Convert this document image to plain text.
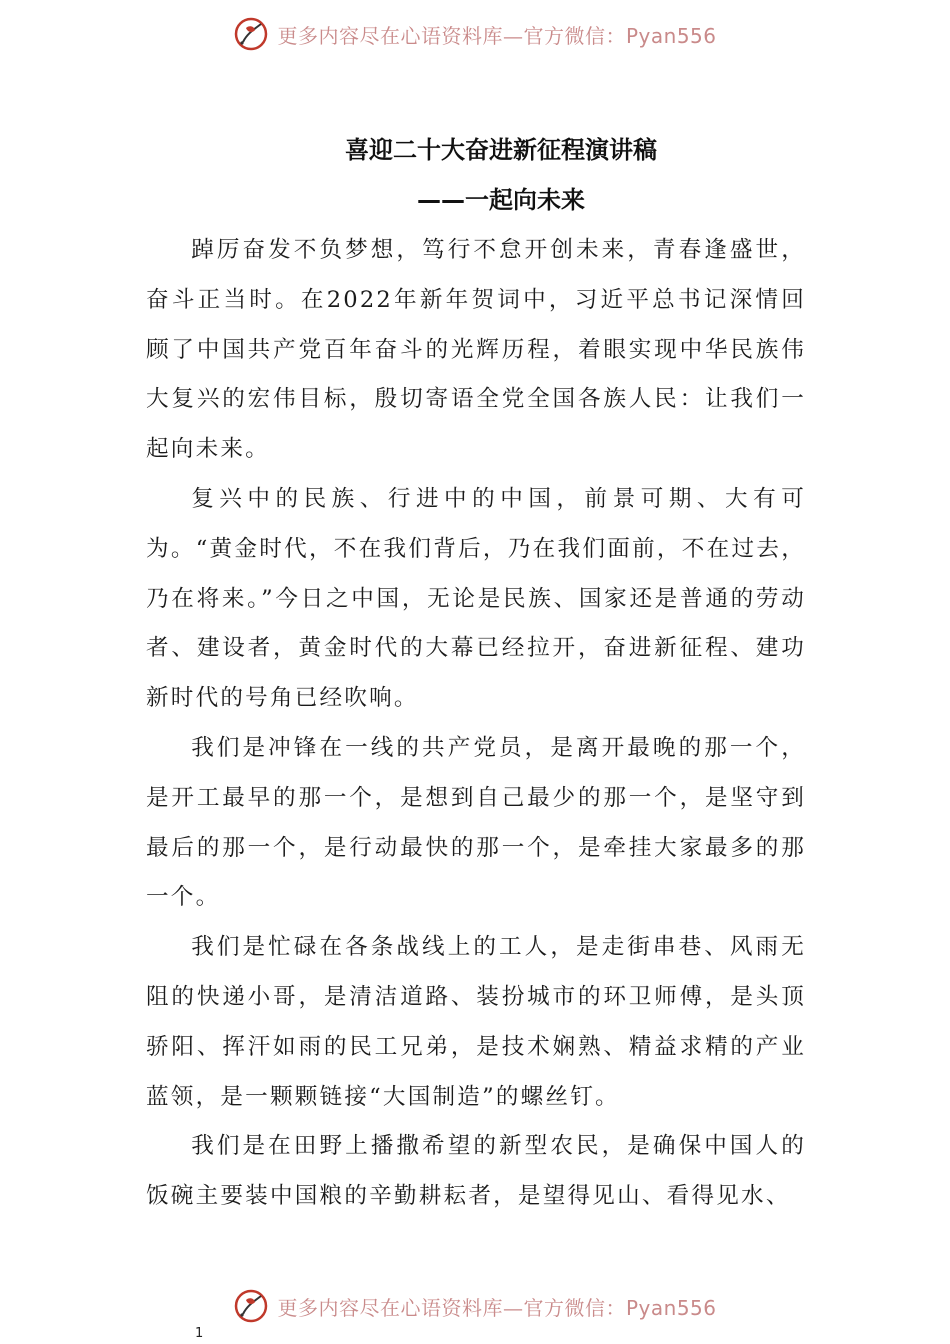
更多内容尽在心语资料库—官方微信：Pyan556
喜迎二十大奋进新征程演讲稿
——一起向未来

踔厉奋发不负梦想，笃行不怠开创未来，青春逢盛世，奋斗正当时。在2022年新年贺词中，习近平总书记深情回顾了中国共产党百年奋斗的光辉历程，着眼实现中华民族伟大复兴的宏伟目标，殷切寄语全党全国各族人民：让我们一起向未来。

复兴中的民族、行进中的中国，前景可期、大有可为。“黄金时代，不在我们背后，乃在我们面前，不在过去，乃在将来。”今日之中国，无论是民族、国家还是普通的劳动者、建设者，黄金时代的大幕已经拉开，奋进新征程、建功新时代的号角已经吹响。

我们是冲锋在一线的共产党员，是离开最晚的那一个，是开工最早的那一个，是想到自己最少的那一个，是坚守到最后的那一个，是行动最快的那一个，是牵挂大家最多的那一个。

我们是忙碌在各条战线上的工人，是走街串巷、风雨无阻的快递小哥，是清洁道路、装扮城市的环卫师傅，是头顶骄阳、挥汗如雨的民工兄弟，是技术娴熟、精益求精的产业蓝领，是一颗颗链接“大国制造”的螺丝钉。

我们是在田野上播撒希望的新型农民，是确保中国人的饭碗主要装中国粮的辛勤耕耘者，是望得见山、看得见水、

更多内容尽在心语资料库—官方微信：Pyan556
1
